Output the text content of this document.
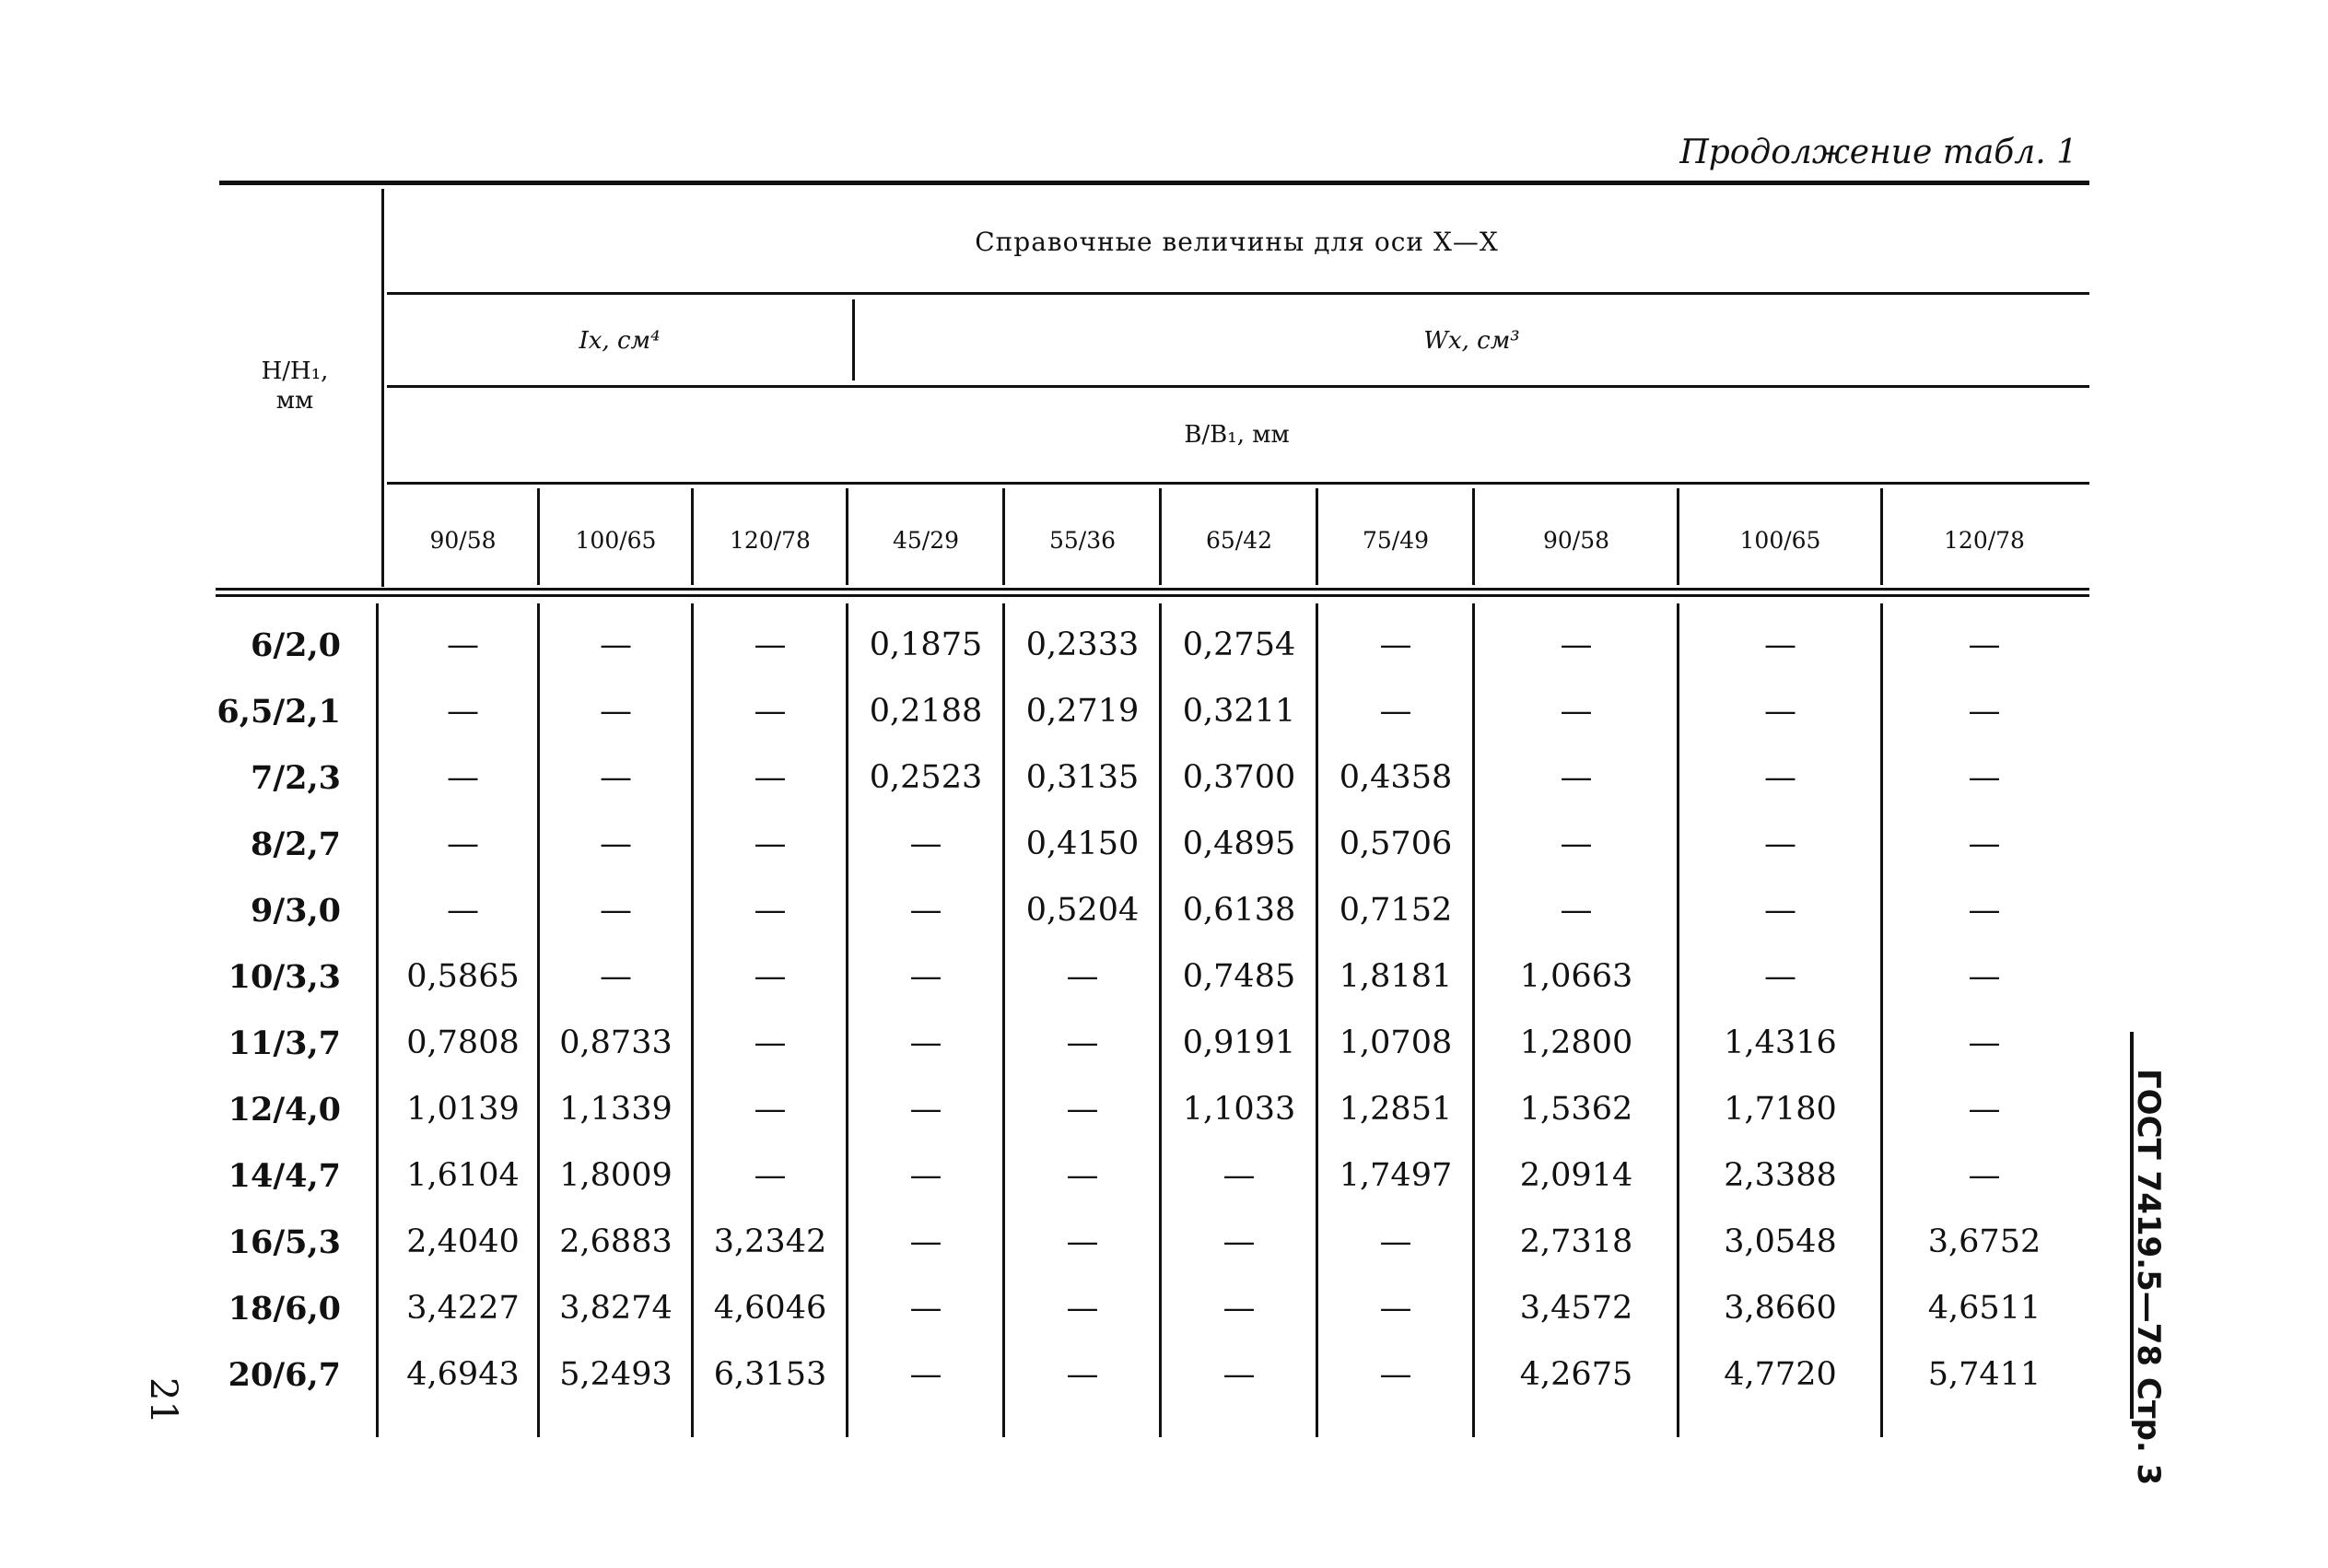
Продолжение табл. 1
H/H₁,
мм
Справочные величины для оси X—X
Ix, см⁴	Wx, см³
B/B₁, мм
90/58	100/65	120/78	45/29	55/36	65/42	75/49	90/58	100/65	120/78
6/2,0	—	—	—	0,1875	0,2333	0,2754	—	—	—	—
6,5/2,1	—	—	—	0,2188	0,2719	0,3211	—	—	—	—
7/2,3	—	—	—	0,2523	0,3135	0,3700	0,4358	—	—	—
8/2,7	—	—	—	—	0,4150	0,4895	0,5706	—	—	—
9/3,0	—	—	—	—	0,5204	0,6138	0,7152	—	—	—
10/3,3	0,5865	—	—	—	—	0,7485	1,8181	1,0663	—	—
11/3,7	0,7808	0,8733	—	—	—	0,9191	1,0708	1,2800	1,4316	—
12/4,0	1,0139	1,1339	—	—	—	1,1033	1,2851	1,5362	1,7180	—
14/4,7	1,6104	1,8009	—	—	—	—	1,7497	2,0914	2,3388	—
16/5,3	2,4040	2,6883	3,2342	—	—	—	—	2,7318	3,0548	3,6752
18/6,0	3,4227	3,8274	4,6046	—	—	—	—	3,4572	3,8660	4,6511
20/6,7	4,6943	5,2493	6,3153	—	—	—	—	4,2675	4,7720	5,7411	ГОСТ 7419.5—78 Стр. 3
21
